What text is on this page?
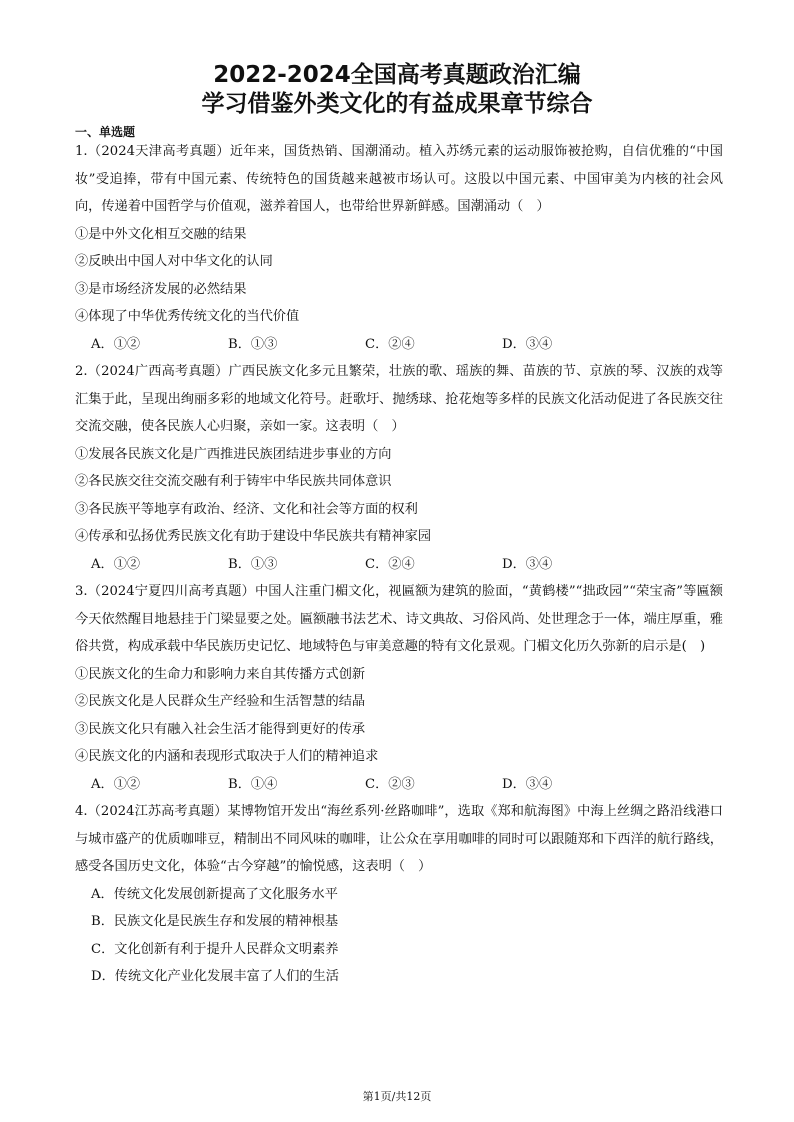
2022-2024全国高考真题政治汇编
学习借鉴外类文化的有益成果章节综合
一、单选题

1.（2024天津高考真题）近年来，国货热销、国潮涌动。植入苏绣元素的运动服饰被抢购，自信优雅的“中国妆”受追捧，带有中国元素、传统特色的国货越来越被市场认可。这股以中国元素、中国审美为内核的社会风向，传递着中国哲学与价值观，滋养着国人，也带给世界新鲜感。国潮涌动（　）

①是中外文化相互交融的结果

②反映出中国人对中华文化的认同

③是市场经济发展的必然结果

④体现了中华优秀传统文化的当代价值

A．①②	B．①③	C．②④	D．③④

2.（2024广西高考真题）广西民族文化多元且繁荣，壮族的歌、瑶族的舞、苗族的节、京族的琴、汉族的戏等汇集于此，呈现出绚丽多彩的地域文化符号。赶歌圩、抛绣球、抢花炮等多样的民族文化活动促进了各民族交往交流交融，使各民族人心归聚，亲如一家。这表明（　）

①发展各民族文化是广西推进民族团结进步事业的方向

②各民族交往交流交融有利于铸牢中华民族共同体意识

③各民族平等地享有政治、经济、文化和社会等方面的权利

④传承和弘扬优秀民族文化有助于建设中华民族共有精神家园

A．①②	B．①③	C．②④	D．③④

3.（2024宁夏四川高考真题）中国人注重门楣文化，视匾额为建筑的脸面，“黄鹤楼”“拙政园”“荣宝斋”等匾额今天依然醒目地悬挂于门梁显要之处。匾额融书法艺术、诗文典故、习俗风尚、处世理念于一体，端庄厚重，雅俗共赏，构成承载中华民族历史记忆、地域特色与审美意趣的特有文化景观。门楣文化历久弥新的启示是(　)

①民族文化的生命力和影响力来自其传播方式创新

②民族文化是人民群众生产经验和生活智慧的结晶

③民族文化只有融入社会生活才能得到更好的传承

④民族文化的内涵和表现形式取决于人们的精神追求

A．①②	B．①④	C．②③	D．③④

4.（2024江苏高考真题）某博物馆开发出“海丝系列·丝路咖啡”，选取《郑和航海图》中海上丝绸之路沿线港口与城市盛产的优质咖啡豆，精制出不同风味的咖啡，让公众在享用咖啡的同时可以跟随郑和下西洋的航行路线，感受各国历史文化，体验“古今穿越”的愉悦感，这表明（　）

A．传统文化发展创新提高了文化服务水平

B．民族文化是民族生存和发展的精神根基

C．文化创新有利于提升人民群众文明素养

D．传统文化产业化发展丰富了人们的生活

第1页/共12页
